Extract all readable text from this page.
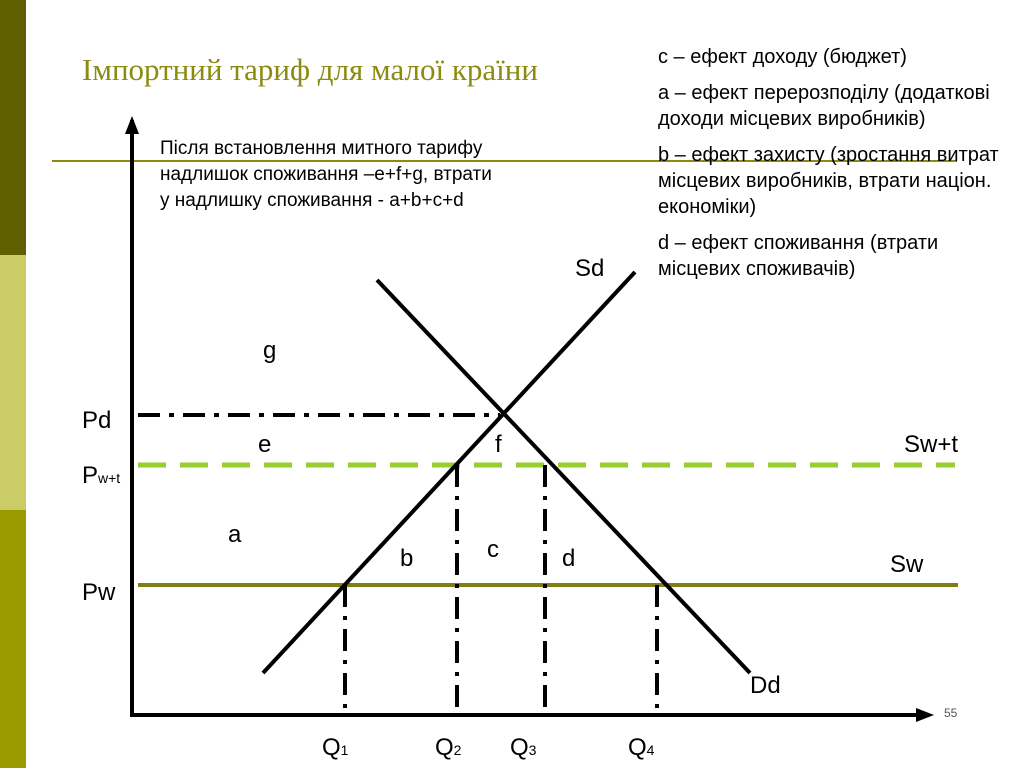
Імпортний тариф для малої країни
Після встановлення митного тарифу надлишок споживання –e+f+g, втрати у надлишку споживання - a+b+c+d

c – ефект доходу (бюджет)

a – ефект перерозподілу (додаткові доходи місцевих виробників)

b – ефект захисту (зростання витрат місцевих виробників, втрати націон. економіки)

d – ефект споживання (втрати місцевих споживачів)

Sd
Dd
Pd
Pw+t
Pw
Sw+t
Sw
Q1	Q2 Q3	Q4
g
e	f
a
b	c	d
55
